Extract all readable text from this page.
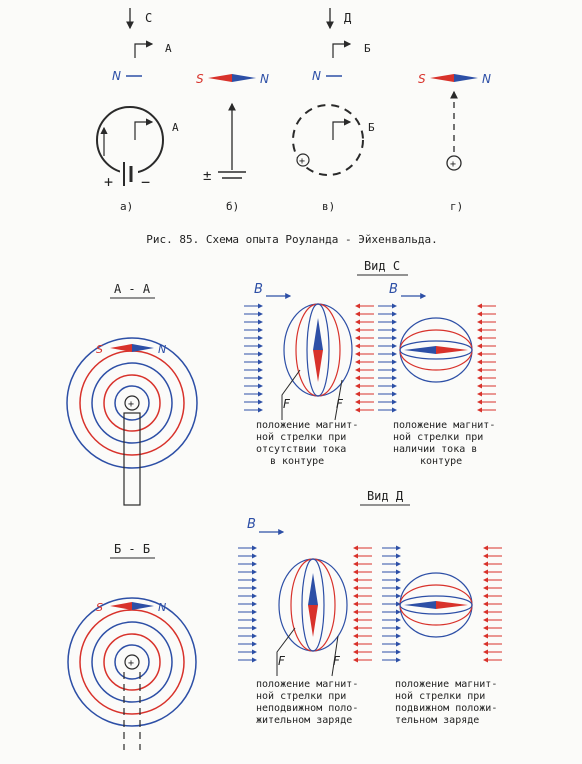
С
А
N
А
+ −
а)
S	N
±
б)
Д
Б
N
Б
+
в)
S	N
+
г)
Рис. 85. Схема опыта Роуланда - Эйхенвальда.
А - А
+
S	N
Б - Б
+
S	N
Вид С
B
F	F
B
положение магнит-
ной стрелки при
отсутствии тока
в контуре
положение магнит-
ной стрелки при
наличии тока в
контуре
Вид Д
B
F	F
положение магнит-
ной стрелки при
неподвижном поло-
жительном заряде
положение магнит-
ной стрелки при
подвижном положи-
тельном заряде
